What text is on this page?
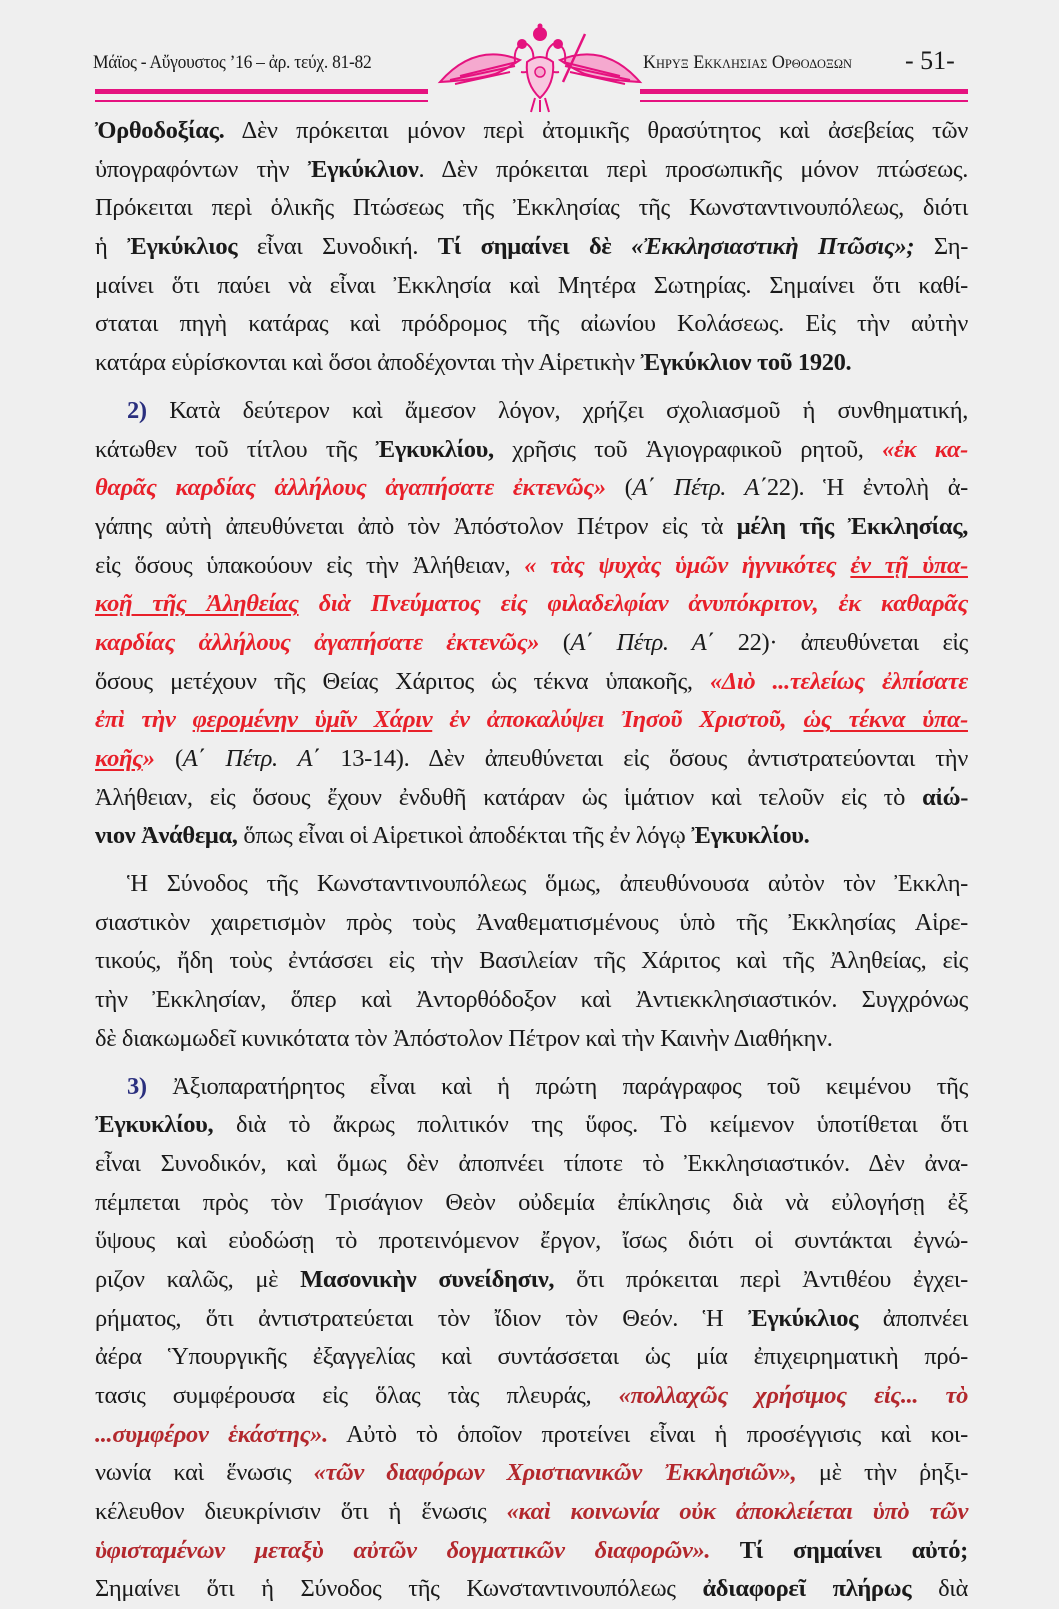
Μάϊος - Αὔγουστος ’16 – ἀρ. τεύχ. 81-82	Κηρυξ Εκκλησιας Ορθοδοξων - 51-
Ὀρθοδοξίας. Δὲν πρόκειται μόνον περὶ ἀτομικῆς θρασύτητος καὶ ἀσεβείας τῶν
ὑπογραφόντων τὴν Ἐγκύκλιον. Δὲν πρόκειται περὶ προσωπικῆς μόνον πτώσεως.
Πρόκειται περὶ ὁλικῆς Πτώσεως τῆς Ἐκκλησίας τῆς Κωνσταντινουπόλεως, διότι
ἡ Ἐγκύκλιος εἶναι Συνοδική. Τί σημαίνει δὲ «Ἐκκλησιαστικὴ Πτῶσις»; Ση-
μαίνει ὅτι παύει νὰ εἶναι Ἐκκλησία καὶ Μητέρα Σωτηρίας. Σημαίνει ὅτι καθί-
σταται πηγὴ κατάρας καὶ πρόδρομος τῆς αἰωνίου Κολάσεως. Εἰς τὴν αὐτὴν
κατάρα εὑρίσκονται καὶ ὅσοι ἀποδέχονται τὴν Αἱρετικὴν Ἐγκύκλιον τοῦ 1920.
2) Κατὰ δεύτερον καὶ ἄμεσον λόγον, χρήζει σχολιασμοῦ ἡ συνθηματική,
κάτωθεν τοῦ τίτλου τῆς Ἐγκυκλίου, χρῆσις τοῦ Ἁγιογραφικοῦ ρητοῦ, «ἐκ κα-
θαρᾶς καρδίας ἀλλήλους ἀγαπήσατε ἐκτενῶς» (Α΄ Πέτρ. Α΄22). Ἡ ἐντολὴ ἀ-
γάπης αὐτὴ ἀπευθύνεται ἀπὸ τὸν Ἀπόστολον Πέτρον εἰς τὰ μέλη τῆς Ἐκκλησίας,
εἰς ὅσους ὑπακούουν εἰς τὴν Ἀλήθειαν, « τὰς ψυχὰς ὑμῶν ἡγνικότες ἐν τῇ ὑπα-
κοῇ τῆς Ἀληθείας διὰ Πνεύματος εἰς φιλαδελφίαν ἀνυπόκριτον, ἐκ καθαρᾶς
καρδίας ἀλλήλους ἀγαπήσατε ἐκτενῶς» (Α΄ Πέτρ. Α΄ 22)· ἀπευθύνεται εἰς
ὅσους μετέχουν τῆς Θείας Χάριτος ὡς τέκνα ὑπακοῆς, «Διὸ ...τελείως ἐλπίσατε
ἐπὶ τὴν φερομένην ὑμῖν Χάριν ἐν ἀποκαλύψει Ἰησοῦ Χριστοῦ, ὡς τέκνα ὑπα-
κοῆς» (Α΄ Πέτρ. Α΄ 13-14). Δὲν ἀπευθύνεται εἰς ὅσους ἀντιστρατεύονται τὴν
Ἀλήθειαν, εἰς ὅσους ἔχουν ἐνδυθῆ κατάραν ὡς ἱμάτιον καὶ τελοῦν εἰς τὸ αἰώ-
νιον Ἀνάθεμα, ὅπως εἶναι οἱ Αἱρετικοὶ ἀποδέκται τῆς ἐν λόγῳ Ἐγκυκλίου.
Ἡ Σύνοδος τῆς Κωνσταντινουπόλεως ὅμως, ἀπευθύνουσα αὐτὸν τὸν Ἐκκλη-
σιαστικὸν χαιρετισμὸν πρὸς τοὺς Ἀναθεματισμένους ὑπὸ τῆς Ἐκκλησίας Αἱρε-
τικούς, ἤδη τοὺς ἐντάσσει εἰς τὴν Βασιλείαν τῆς Χάριτος καὶ τῆς Ἀληθείας, εἰς
τὴν Ἐκκλησίαν, ὅπερ καὶ Ἀντορθόδοξον καὶ Ἀντιεκκλησιαστικόν. Συγχρόνως
δὲ διακωμωδεῖ κυνικότατα τὸν Ἀπόστολον Πέτρον καὶ τὴν Καινὴν Διαθήκην.
3) Ἀξιοπαρατήρητος εἶναι καὶ ἡ πρώτη παράγραφος τοῦ κειμένου τῆς
Ἐγκυκλίου, διὰ τὸ ἄκρως πολιτικόν της ὕφος. Τὸ κείμενον ὑποτίθεται ὅτι
εἶναι Συνοδικόν, καὶ ὅμως δὲν ἀποπνέει τίποτε τὸ Ἐκκλησιαστικόν. Δὲν ἀνα-
πέμπεται πρὸς τὸν Τρισάγιον Θεὸν οὐδεμία ἐπίκλησις διὰ νὰ εὐλογήσῃ ἐξ
ὕψους καὶ εὐοδώσῃ τὸ προτεινόμενον ἔργον, ἴσως διότι οἱ συντάκται ἐγνώ-
ριζον καλῶς, μὲ Μασονικὴν συνείδησιν, ὅτι πρόκειται περὶ Ἀντιθέου ἐγχει-
ρήματος, ὅτι ἀντιστρατεύεται τὸν ἴδιον τὸν Θεόν. Ἡ Ἐγκύκλιος ἀποπνέει
ἀέρα Ὑπουργικῆς ἐξαγγελίας καὶ συντάσσεται ὡς μία ἐπιχειρηματικὴ πρό-
τασις συμφέρουσα εἰς ὅλας τὰς πλευράς, «πολλαχῶς χρήσιμος εἰς... τὸ
...συμφέρον ἑκάστης». Αὐτὸ τὸ ὁποῖον προτείνει εἶναι ἡ προσέγγισις καὶ κοι-
νωνία καὶ ἕνωσις «τῶν διαφόρων Χριστιανικῶν Ἐκκλησιῶν», μὲ τὴν ῥηξι-
κέλευθον διευκρίνισιν ὅτι ἡ ἕνωσις «καὶ κοινωνία οὐκ ἀποκλείεται ὑπὸ τῶν
ὑφισταμένων μεταξὺ αὐτῶν δογματικῶν διαφορῶν». Τί σημαίνει αὐτό;
Σημαίνει ὅτι ἡ Σύνοδος τῆς Κωνσταντινουπόλεως ἀδιαφορεῖ πλήρως διὰ
